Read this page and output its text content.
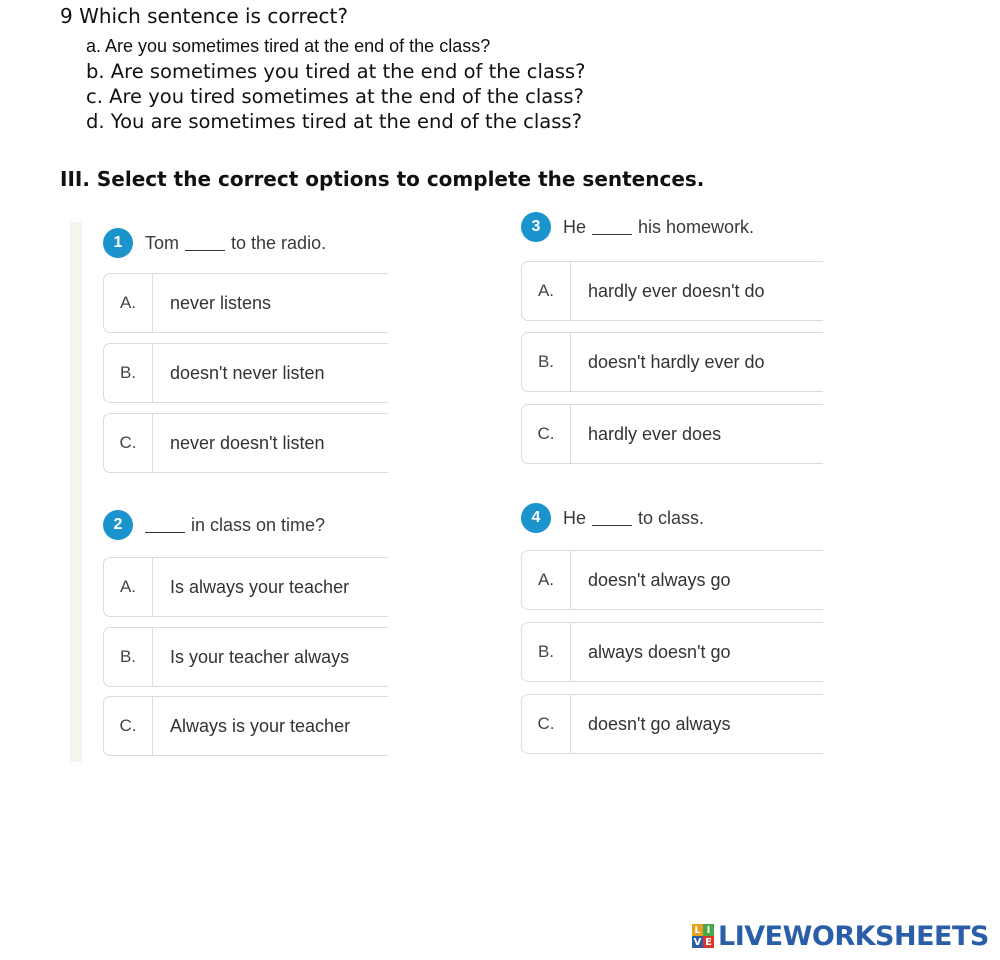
9 Which sentence is correct?
a. Are you sometimes tired at the end of the class?
b. Are sometimes you tired at the end of the class?
c. Are you tired sometimes at the end of the class?
d. You are sometimes tired at the end of the class?
III. Select the correct options to complete the sentences.
1	Tom	to the radio.
A.	never listens
B.	doesn't never listen
C.	never doesn't listen
2	in class on time?
A.	Is always your teacher
B.	Is your teacher always
C.	Always is your teacher
3	He	his homework.
A.	hardly ever doesn't do
B.	doesn't hardly ever do
C.	hardly ever does
4	He	to class.
A.	doesn't always go
B.	always doesn't go
C.	doesn't go always
L I
V E LIVEWORKSHEETS
